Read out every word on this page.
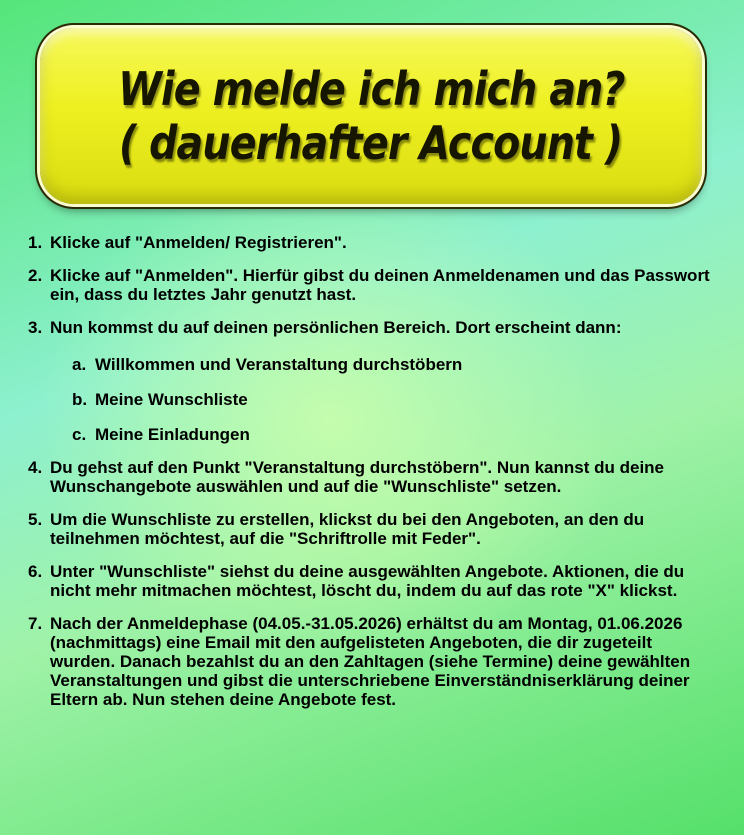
Wie melde ich mich an?
( dauerhafter Account )
1. Klicke auf "Anmelden/ Registrieren".
2. Klicke auf "Anmelden". Hierfür gibst du deinen Anmeldenamen und das Passwort ein, dass du letztes Jahr genutzt hast.
3. Nun kommst du auf deinen persönlichen Bereich. Dort erscheint dann:
a. Willkommen und Veranstaltung durchstöbern
b. Meine Wunschliste
c. Meine Einladungen
4. Du gehst auf den Punkt "Veranstaltung durchstöbern". Nun kannst du deine Wunschangebote auswählen und auf die "Wunschliste" setzen.
5. Um die Wunschliste zu erstellen, klickst du bei den Angeboten, an den du teilnehmen möchtest, auf die "Schriftrolle mit Feder".
6. Unter "Wunschliste" siehst du deine ausgewählten Angebote. Aktionen, die du nicht mehr mitmachen möchtest, löscht du, indem du auf das rote "X" klickst.
7. Nach der Anmeldephase (04.05.-31.05.2026) erhältst du am Montag, 01.06.2026 (nachmittags) eine Email mit den aufgelisteten Angeboten, die dir zugeteilt wurden. Danach bezahlst du an den Zahltagen (siehe Termine) deine gewählten Veranstaltungen und gibst die unterschriebene Einverständniserklärung deiner Eltern ab. Nun stehen deine Angebote fest.
